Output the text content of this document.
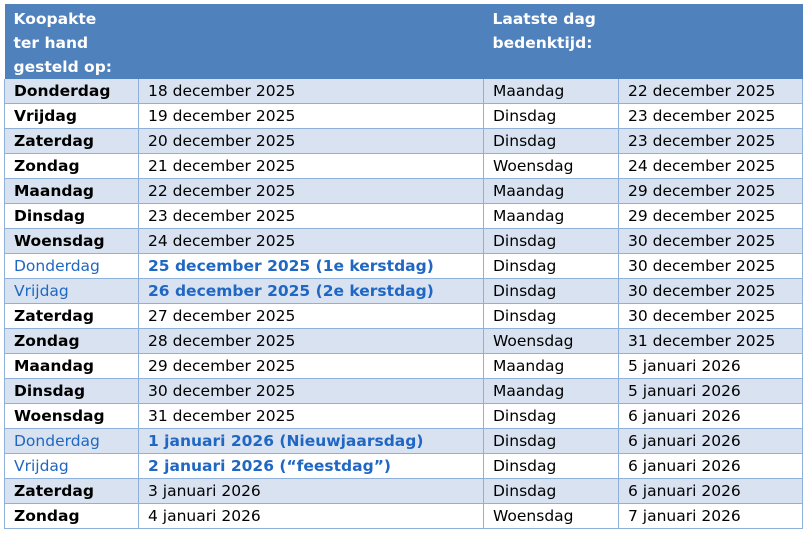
Koopakte
ter hand
gesteld op:		Laatste dag
bedenktijd:	

Donderdag	18 december 2025	Maandag	22 december 2025
Vrijdag	19 december 2025	Dinsdag	23 december 2025
Zaterdag	20 december 2025	Dinsdag	23 december 2025
Zondag	21 december 2025	Woensdag	24 december 2025
Maandag	22 december 2025	Maandag	29 december 2025
Dinsdag	23 december 2025	Maandag	29 december 2025
Woensdag	24 december 2025	Dinsdag	30 december 2025
Donderdag	25 december 2025 (1e kerstdag)	Dinsdag	30 december 2025
Vrijdag	26 december 2025 (2e kerstdag)	Dinsdag	30 december 2025
Zaterdag	27 december 2025	Dinsdag	30 december 2025
Zondag	28 december 2025	Woensdag	31 december 2025
Maandag	29 december 2025	Maandag	5 januari 2026
Dinsdag	30 december 2025	Maandag	5 januari 2026
Woensdag	31 december 2025	Dinsdag	6 januari 2026
Donderdag	1 januari 2026 (Nieuwjaarsdag)	Dinsdag	6 januari 2026
Vrijdag	2 januari 2026 (“feestdag”)	Dinsdag	6 januari 2026
Zaterdag	3 januari 2026	Dinsdag	6 januari 2026
Zondag	4 januari 2026	Woensdag	7 januari 2026
